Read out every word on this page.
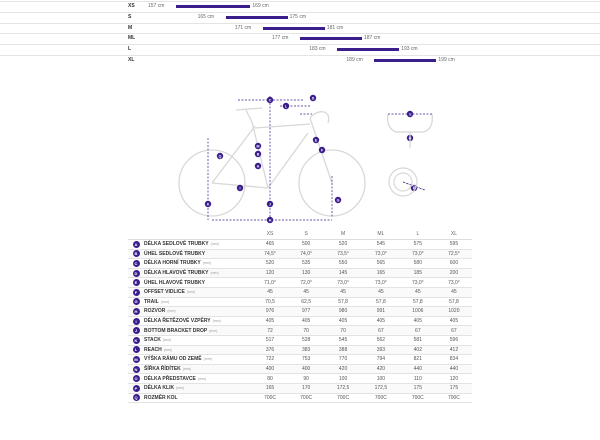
XS	157 cm	169 cm
S	165 cm	175 cm
M	171 cm	181 cm
ML	177 cm	187 cm
L	183 cm	193 cm
XL	189 cm	199 cm
A
B
C	D
E
F
G
H
I
J
K
L
M
N
O
P
Q
		XS	S	M	ML	L	XL
A	DÉLKA SEDLOVÉ TRUBKY (mm)	465	500	520	545	575	595
B	ÚHEL SEDLOVÉ TRUBKY	74,5°	74,0°	73,5°	73,0°	73,0°	72,5°
C	DÉLKA HORNÍ TRUBKY (mm)	520	535	550	565	580	600
D	DÉLKA HLAVOVÉ TRUBKY (mm)	120	130	145	165	185	200
E	ÚHEL HLAVOVÉ TRUBKY	71,0°	72,0°	73,0°	73,0°	73,0°	73,0°
F	OFFSET VIDLICE (mm)	45	45	45	45	45	45
G	TRAIL (mm)	70,5	62,5	57,8	57,8	57,8	57,8
H	ROZVOR (mm)	976	977	980	991	1006	1020
I	DÉLKA ŘETĚZOVÉ VZPĚRY (mm)	405	405	405	405	405	405
J	BOTTOM BRACKET DROP (mm)	72	70	70	67	67	67
K	STACK (mm)	517	528	545	562	581	596
L	REACH (mm)	376	383	388	393	402	412
M	VÝŠKA RÁMU OD ZEMĚ (mm)	722	753	770	794	821	834
N	ŠÍŘKA ŘÍDÍTEK (mm)	400	400	420	420	440	440
O	DÉLKA PŘEDSTAVCE (mm)	80	90	100	100	110	120
P	DÉLKA KLIK (mm)	165	170	172,5	172,5	175	175
Q	ROZMĚR KOL	700C	700C	700C	700C	700C	700C
